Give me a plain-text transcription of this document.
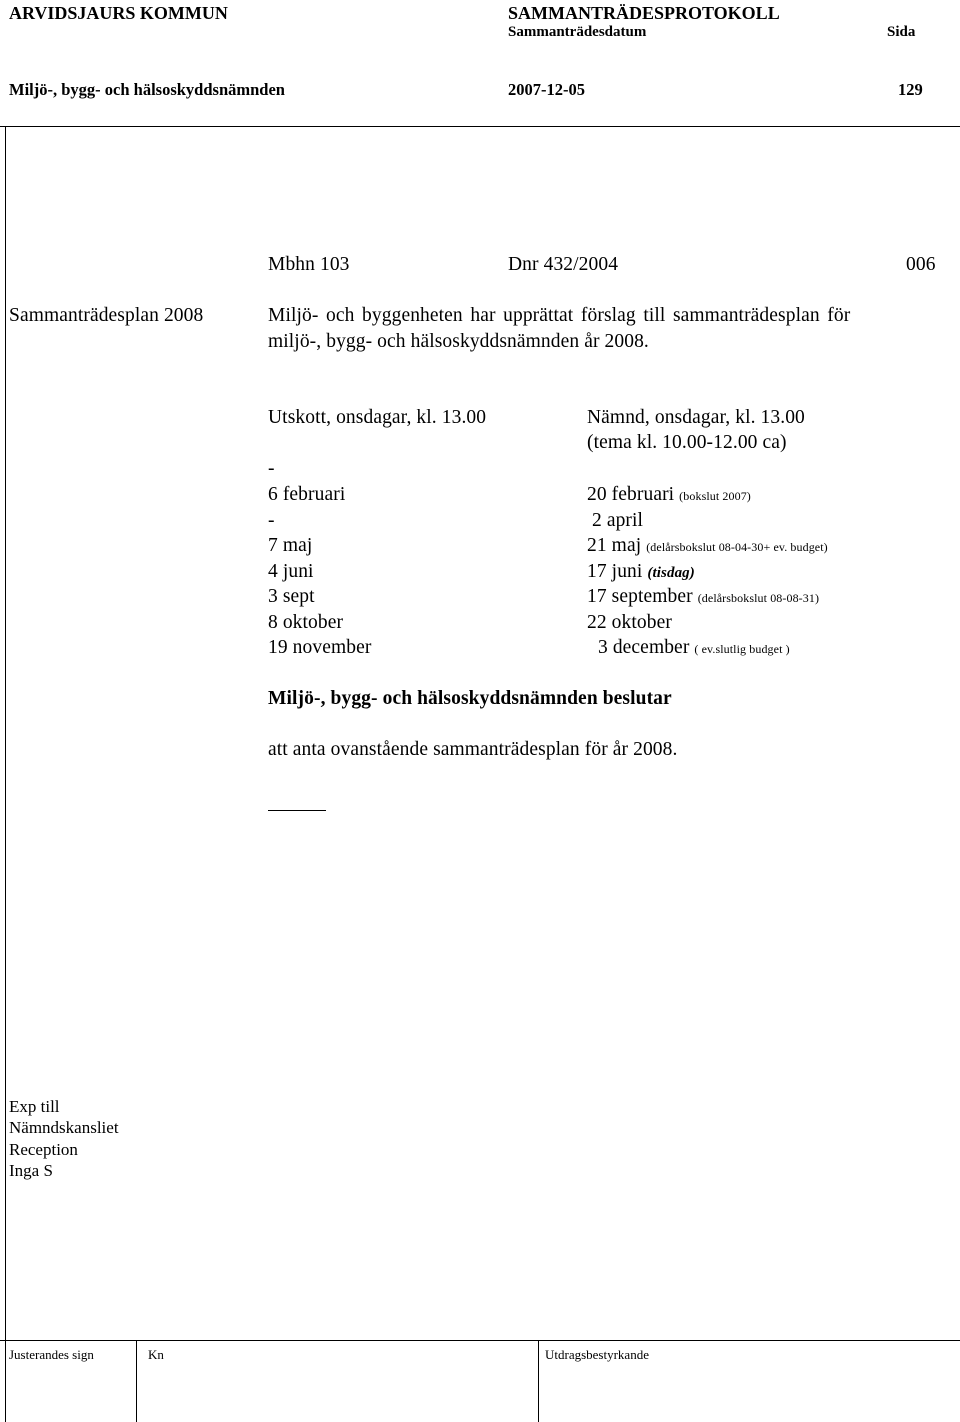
ARVIDSJAURS KOMMUN	SAMMANTRÄDESPROTOKOLL
Sammanträdesdatum	Sida
Miljö-, bygg- och hälsoskyddsnämnden	2007-12-05	129
Mbhn 103	Dnr 432/2004	006
Sammanträdesplan 2008	Miljö- och byggenheten har upprättat förslag till sammanträdesplan för
miljö-, bygg- och hälsoskyddsnämnden år 2008.
Utskott, onsdagar, kl. 13.00	Nämnd, onsdagar, kl. 13.00
(tema kl. 10.00-12.00 ca)
-
6 februari	20 februari (bokslut 2007)
-	2 april
7 maj	21 maj (delårsbokslut 08-04-30+ ev. budget)
4 juni	17 juni (tisdag)
3 sept	17 september (delårsbokslut 08-08-31)
8 oktober	22 oktober
19 november	3 december ( ev.slutlig budget )
Miljö-, bygg- och hälsoskyddsnämnden beslutar
att anta ovanstående sammanträdesplan för år 2008.
Exp till
Nämndskansliet
Reception
Inga S
Justerandes sign	Kn	Utdragsbestyrkande
